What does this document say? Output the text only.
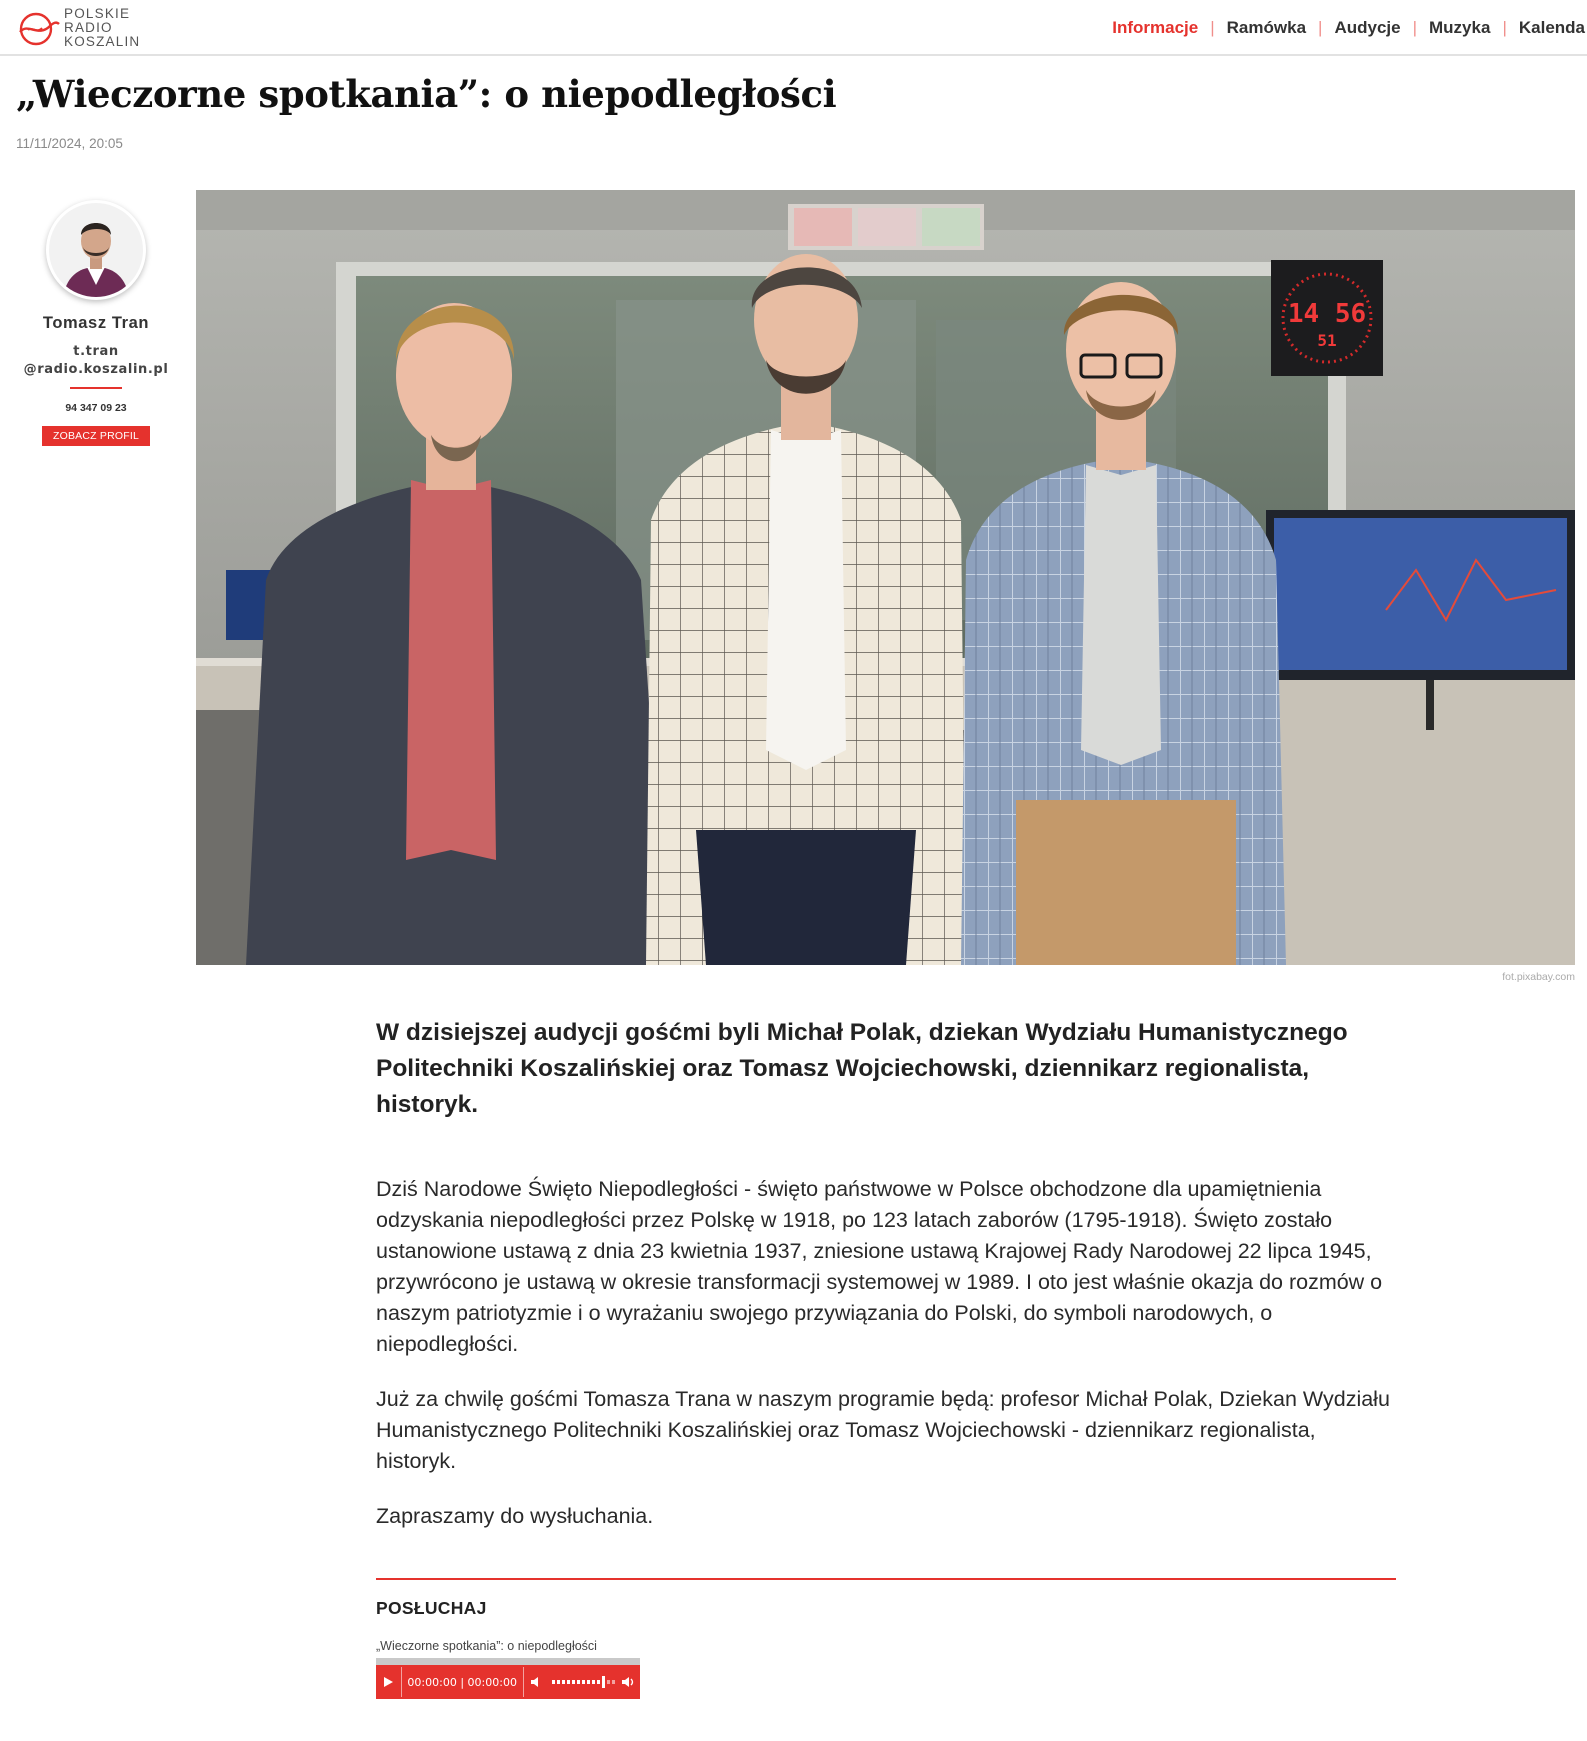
POLSKIE
RADIO
KOSZALIN
Informacje | Ramówka | Audycje | Muzyka | Kalenda
„Wieczorne spotkania”: o niepodległości
11/11/2024, 20:05
Tomasz Tran
t.tran
@radio.koszalin.pl
94 347 09 23
ZOBACZ PROFIL
14 56
51
fot.pixabay.com

W dzisiejszej audycji gośćmi byli Michał Polak, dziekan Wydziału Humanistycznego Politechniki Koszalińskiej oraz Tomasz Wojciechowski, dziennikarz regionalista, historyk.

Dziś Narodowe Święto Niepodległości - święto państwowe w Polsce obchodzone dla upamiętnienia odzyskania niepodległości przez Polskę w 1918, po 123 latach zaborów (1795-1918). Święto zostało ustanowione ustawą z dnia 23 kwietnia 1937, zniesione ustawą Krajowej Rady Narodowej 22 lipca 1945, przywrócono je ustawą w okresie transformacji systemowej w 1989. I oto jest właśnie okazja do rozmów o naszym patriotyzmie i o wyrażaniu swojego przywiązania do Polski, do symboli narodowych, o niepodległości.

Już za chwilę gośćmi Tomasza Trana w naszym programie będą: profesor Michał Polak, Dziekan Wydziału Humanistycznego Politechniki Koszalińskiej oraz Tomasz Wojciechowski - dziennikarz regionalista, historyk.

Zapraszamy do wysłuchania.

POSŁUCHAJ
„Wieczorne spotkania”: o niepodległości
00:00:00 | 00:00:00
